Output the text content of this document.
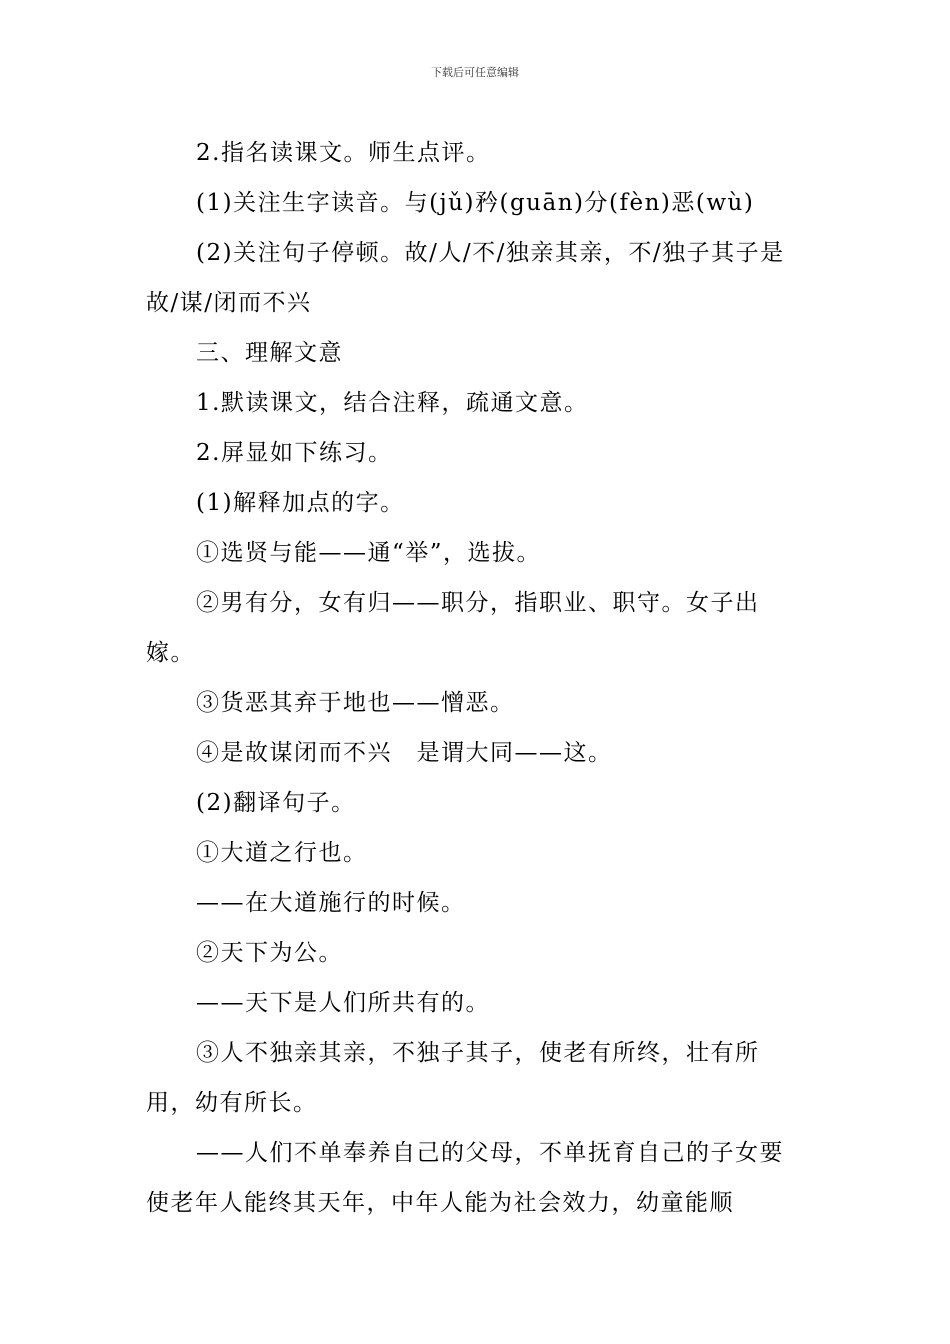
下载后可任意编辑

2.指名读课文。师生点评。

(1)关注生字读音。与(jǔ)矜(guān)分(fèn)恶(wù)

(2)关注句子停顿。故/人/不/独亲其亲，不/独子其子是故/谋/闭而不兴

三、理解文意

1.默读课文，结合注释，疏通文意。

2.屏显如下练习。

(1)解释加点的字。

①选贤与能——通“举”，选拔。

②男有分，女有归——职分，指职业、职守。女子出嫁。

③货恶其弃于地也——憎恶。

④是故谋闭而不兴　是谓大同——这。

(2)翻译句子。

①大道之行也。

——在大道施行的时候。

②天下为公。

——天下是人们所共有的。

③人不独亲其亲，不独子其子，使老有所终，壮有所用，幼有所长。

——人们不单奉养自己的父母，不单抚育自己的子女要使老年人能终其天年，中年人能为社会效力，幼童能顺
